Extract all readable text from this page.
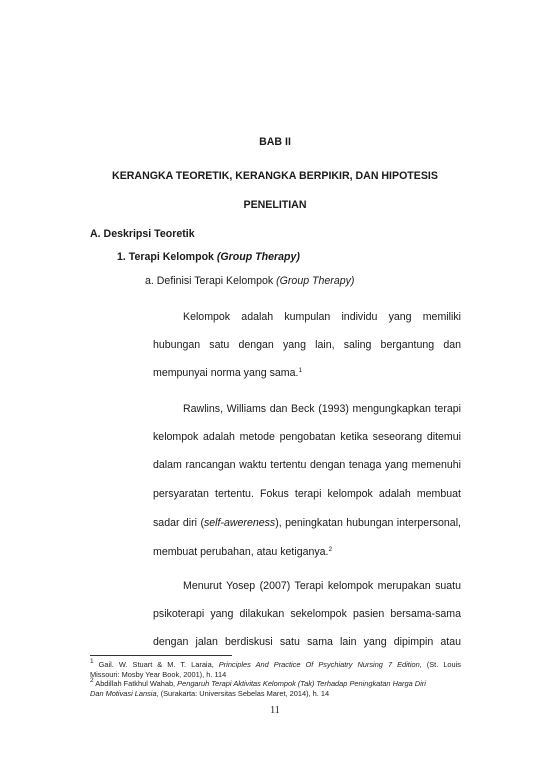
BAB II
KERANGKA TEORETIK, KERANGKA BERPIKIR, DAN HIPOTESIS
PENELITIAN
A. Deskripsi Teoretik
1. Terapi Kelompok (Group Therapy)
a. Definisi Terapi Kelompok (Group Therapy)
Kelompok adalah kumpulan individu yang memiliki
hubungan satu dengan yang lain, saling bergantung dan
mempunyai norma yang sama.$^1$
Rawlins, Williams dan Beck (1993) mengungkapkan terapi
kelompok adalah metode pengobatan ketika seseorang ditemui
dalam rancangan waktu tertentu dengan tenaga yang memenuhi
persyaratan tertentu. Fokus terapi kelompok adalah membuat
sadar diri (self-awereness), peningkatan hubungan interpersonal,
membuat perubahan, atau ketiganya.$^2$
Menurut Yosep (2007) Terapi kelompok merupakan suatu
psikoterapi yang dilakukan sekelompok pasien bersama-sama
dengan jalan berdiskusi satu sama lain yang dipimpin atau
$^1$ Gail. W. Stuart & M. T. Laraia, Principles And Practice Of Psychiatry Nursing 7 Edition, (St. Louis
Missouri: Mosby Year Book, 2001), h. 114
$^2$ Abdillah Fatkhul Wahab, Pengaruh Terapi Aktivitas Kelompok (Tak) Terhadap Peningkatan Harga Diri
Dan Motivasi Lansia, (Surakarta: Universitas Sebelas Maret, 2014), h. 14
11
